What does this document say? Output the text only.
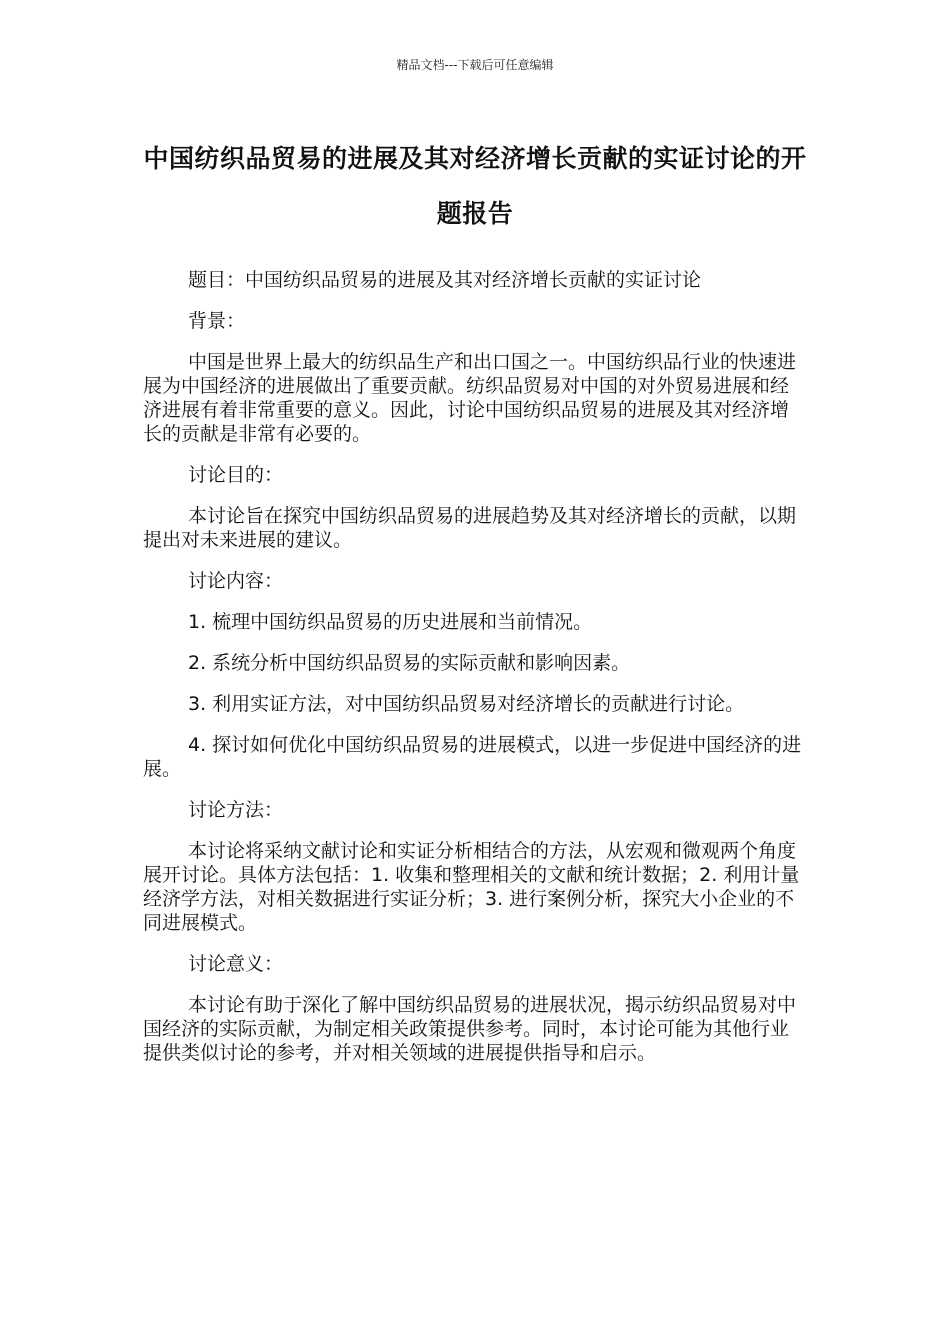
精品文档---下载后可任意编辑
中国纺织品贸易的进展及其对经济增长贡献的实证讨论的开题报告

题目：中国纺织品贸易的进展及其对经济增长贡献的实证讨论

背景：

中国是世界上最大的纺织品生产和出口国之一。中国纺织品行业的快速进展为中国经济的进展做出了重要贡献。纺织品贸易对中国的对外贸易进展和经济进展有着非常重要的意义。因此，讨论中国纺织品贸易的进展及其对经济增长的贡献是非常有必要的。

讨论目的：

本讨论旨在探究中国纺织品贸易的进展趋势及其对经济增长的贡献，以期提出对未来进展的建议。

讨论内容：

1. 梳理中国纺织品贸易的历史进展和当前情况。

2. 系统分析中国纺织品贸易的实际贡献和影响因素。

3. 利用实证方法，对中国纺织品贸易对经济增长的贡献进行讨论。

4. 探讨如何优化中国纺织品贸易的进展模式，以进一步促进中国经济的进展。

讨论方法：

本讨论将采纳文献讨论和实证分析相结合的方法，从宏观和微观两个角度展开讨论。具体方法包括：1. 收集和整理相关的文献和统计数据；2. 利用计量经济学方法，对相关数据进行实证分析；3. 进行案例分析，探究大小企业的不同进展模式。

讨论意义：

本讨论有助于深化了解中国纺织品贸易的进展状况，揭示纺织品贸易对中国经济的实际贡献，为制定相关政策提供参考。同时，本讨论可能为其他行业提供类似讨论的参考，并对相关领域的进展提供指导和启示。
